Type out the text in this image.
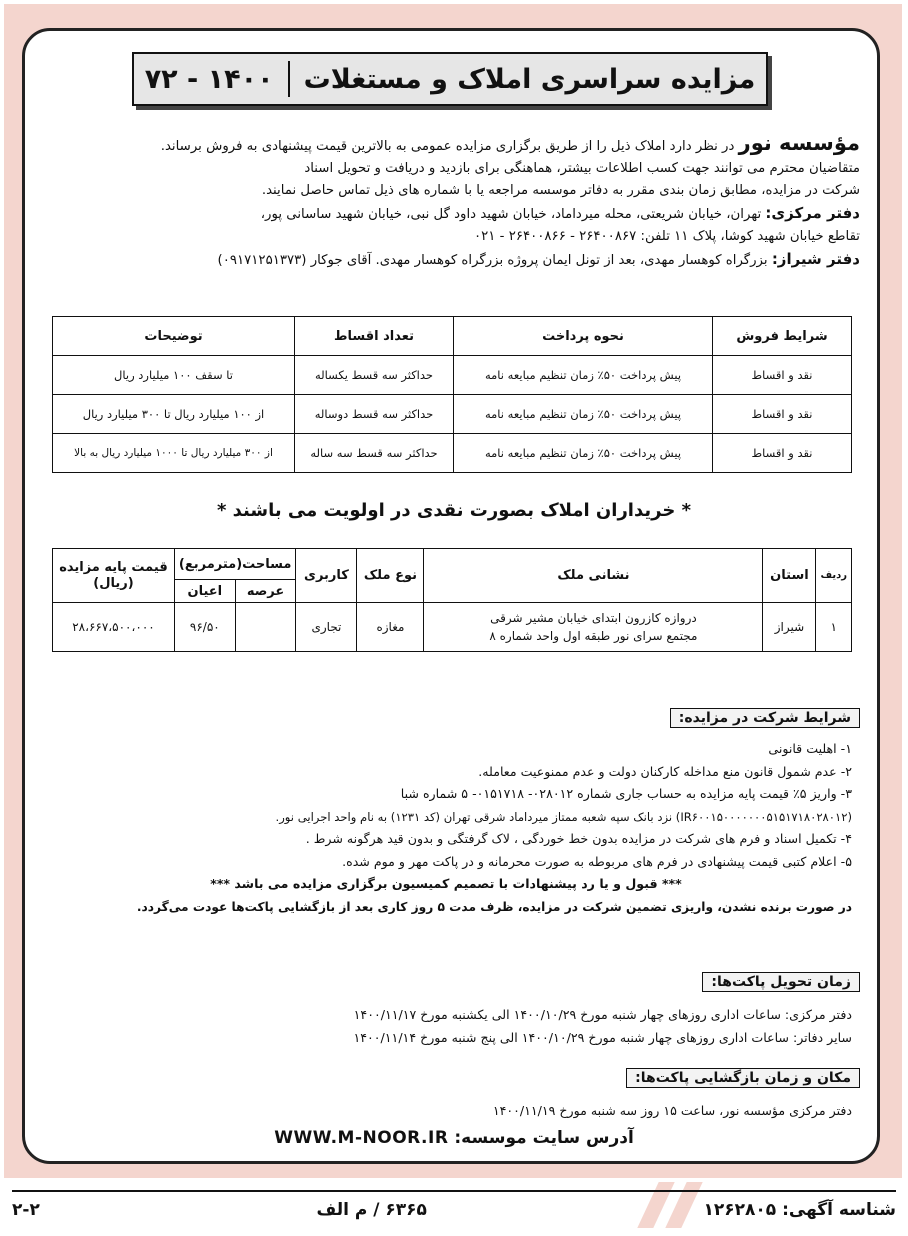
مزایده سراسری املاک و مستغلات
۱۴۰۰ - ۷۲

مؤسسه نور در نظر دارد املاک ذیل را از طریق برگزاری مزایده عمومی به بالاترین قیمت پیشنهادی به فروش برساند.

متقاضیان محترم می توانند جهت کسب اطلاعات بیشتر، هماهنگی برای بازدید و دریافت و تحویل اسناد

شرکت در مزایده، مطابق زمان بندی مقرر به دفاتر موسسه مراجعه یا با شماره های ذیل تماس حاصل نمایند.

دفتر مرکزی: تهران، خیابان شریعتی، محله میرداماد، خیابان شهید داود گل نبی، خیابان شهید ساسانی پور،

تقاطع خیابان شهید کوشا، پلاک ۱۱ تلفن: ۲۶۴۰۰۸۶۷ - ۲۶۴۰۰۸۶۶ - ۰۲۱

دفتر شیراز: بزرگراه کوهسار مهدی، بعد از تونل ایمان پروژه بزرگراه کوهسار مهدی. آقای جوکار (۰۹۱۷۱۲۵۱۳۷۳)

شرایط فروش	نحوه پرداخت	تعداد اقساط	توضیحات
نقد و اقساط	پیش پرداخت ۵۰٪ زمان تنظیم مبایعه نامه	حداکثر سه قسط یکساله	تا سقف ۱۰۰ میلیارد ریال
نقد و اقساط	پیش پرداخت ۵۰٪ زمان تنظیم مبایعه نامه	حداکثر سه قسط دوساله	از ۱۰۰ میلیارد ریال تا ۳۰۰ میلیارد ریال
نقد و اقساط	پیش پرداخت ۵۰٪ زمان تنظیم مبایعه نامه	حداکثر سه قسط سه ساله	از ۳۰۰ میلیارد ریال تا ۱۰۰۰ میلیارد ریال به بالا
* خریداران املاک بصورت نقدی در اولویت می باشند *
ردیف	استان	نشانی ملک	نوع ملک	کاربری	مساحت(مترمربع)		قیمت پایه مزایده (ریال)
					عرصه	اعیان	
۱	شیراز	دروازه کازرون ابتدای خیابان مشیر شرقی
مجتمع سرای نور طبقه اول واحد شماره ۸	مغازه	تجاری		۹۶/۵۰	۲۸،۶۶۷،۵۰۰،۰۰۰
شرایط شرکت در مزایده:

۱- اهلیت قانونی

۲- عدم شمول قانون منع مداخله کارکنان دولت و عدم ممنوعیت معامله.

۳- واریز ۵٪ قیمت پایه مزایده به حساب جاری شماره ۰۲۸۰۱۲- ۰۱۵۱۷۱۸- ۵ شماره شبا

(IR۶۰۰۱۵۰۰۰۰۰۰۰۵۱۵۱۷۱۸۰۲۸۰۱۲) نزد بانک سپه شعبه ممتاز میرداماد شرقی تهران (کد ۱۲۳۱) به نام واحد اجرایی نور.

۴- تکمیل اسناد و فرم های شرکت در مزایده بدون خط خوردگی ، لاک گرفتگی و بدون قید هرگونه شرط .

۵- اعلام کتبی قیمت پیشنهادی در فرم های مربوطه به صورت محرمانه و در پاکت مهر و موم شده.

*** قبول و یا رد پیشنهادات با تصمیم کمیسیون برگزاری مزایده می باشد ***

در صورت برنده نشدن، واریزی تضمین شرکت در مزایده، ظرف مدت ۵ روز کاری بعد از بازگشایی پاکت‌ها عودت می‌گردد.

زمان تحویل پاکت‌ها:

دفتر مرکزی: ساعات اداری روزهای چهار شنبه مورخ ۱۴۰۰/۱۰/۲۹ الی یکشنبه مورخ ۱۴۰۰/۱۱/۱۷

سایر دفاتر: ساعات اداری روزهای چهار شنبه مورخ ۱۴۰۰/۱۰/۲۹ الی پنج شنبه مورخ ۱۴۰۰/۱۱/۱۴

مکان و زمان بازگشایی پاکت‌ها:

دفتر مرکزی مؤسسه نور، ساعت ۱۵ روز سه شنبه مورخ ۱۴۰۰/۱۱/۱۹

آدرس سایت موسسه: WWW.M-NOOR.IR
شناسه آگهی: ۱۲۶۲۸۰۵
۶۳۶۵ / م الف
۲-۲
